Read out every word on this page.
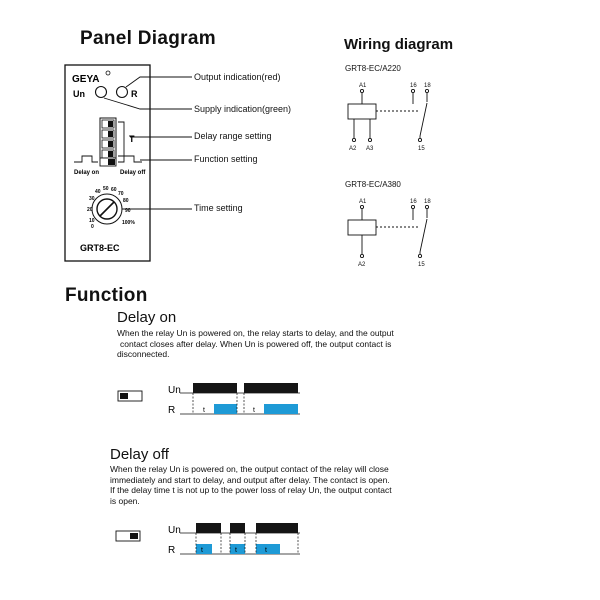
Panel Diagram
GEYA
Un	R
T
Delay on	Delay off
10
20
30
40 50 60
70
80
90
0
100%
GRT8-EC
Output indication(red)
Supply indication(green)
Delay range setting
Function setting
Time setting
Wiring diagram
GRT8-EC/A220
A1	16 18
A2 A3	15
GRT8-EC/A380
A1	16 18
A2	15
Function
Delay on
When the relay Un is powered on, the relay starts to delay, and the output
contact closes after delay. When Un is powered off, the output contact is
disconnected.
Un
R	t	t
Delay off
When the relay Un is powered on, the output contact of the relay will close
immediately and start to delay, and output after delay. The contact is open.
If the delay time t is not up to the power loss of relay Un, the output contact
is open.
Un
R	t	t	t
